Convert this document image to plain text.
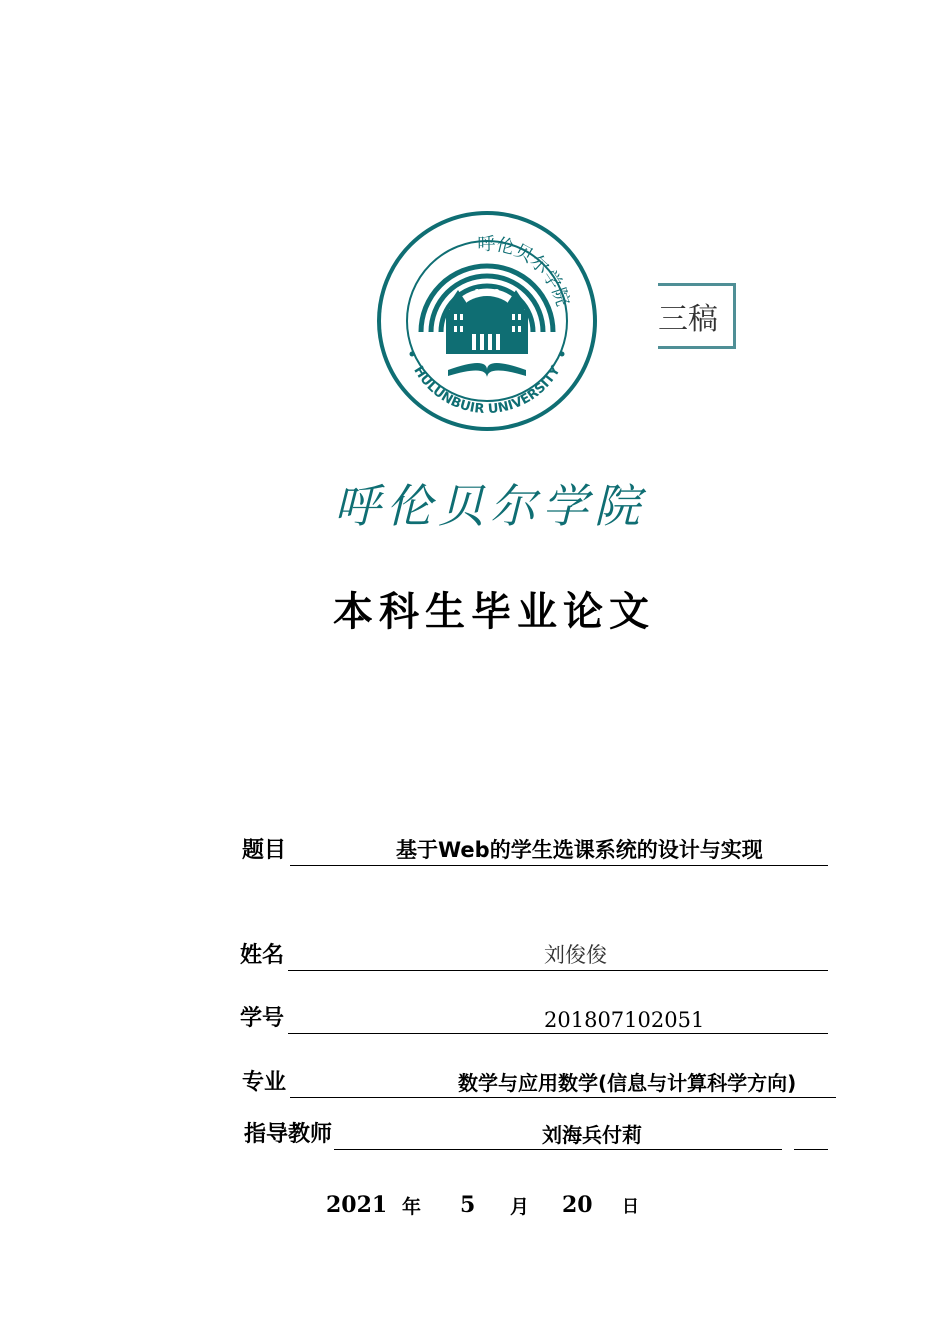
1958
HULUNBUIR UNIVERSITY
呼伦贝尔学院
三稿
呼伦贝尔学院
本科生毕业论文
题目	基于Web的学生选课系统的设计与实现
姓名	刘俊俊
学号	201807102051
专业	数学与应用数学(信息与计算科学方向)
指导教师	刘海兵付莉
2021 年 5 月 20 日
